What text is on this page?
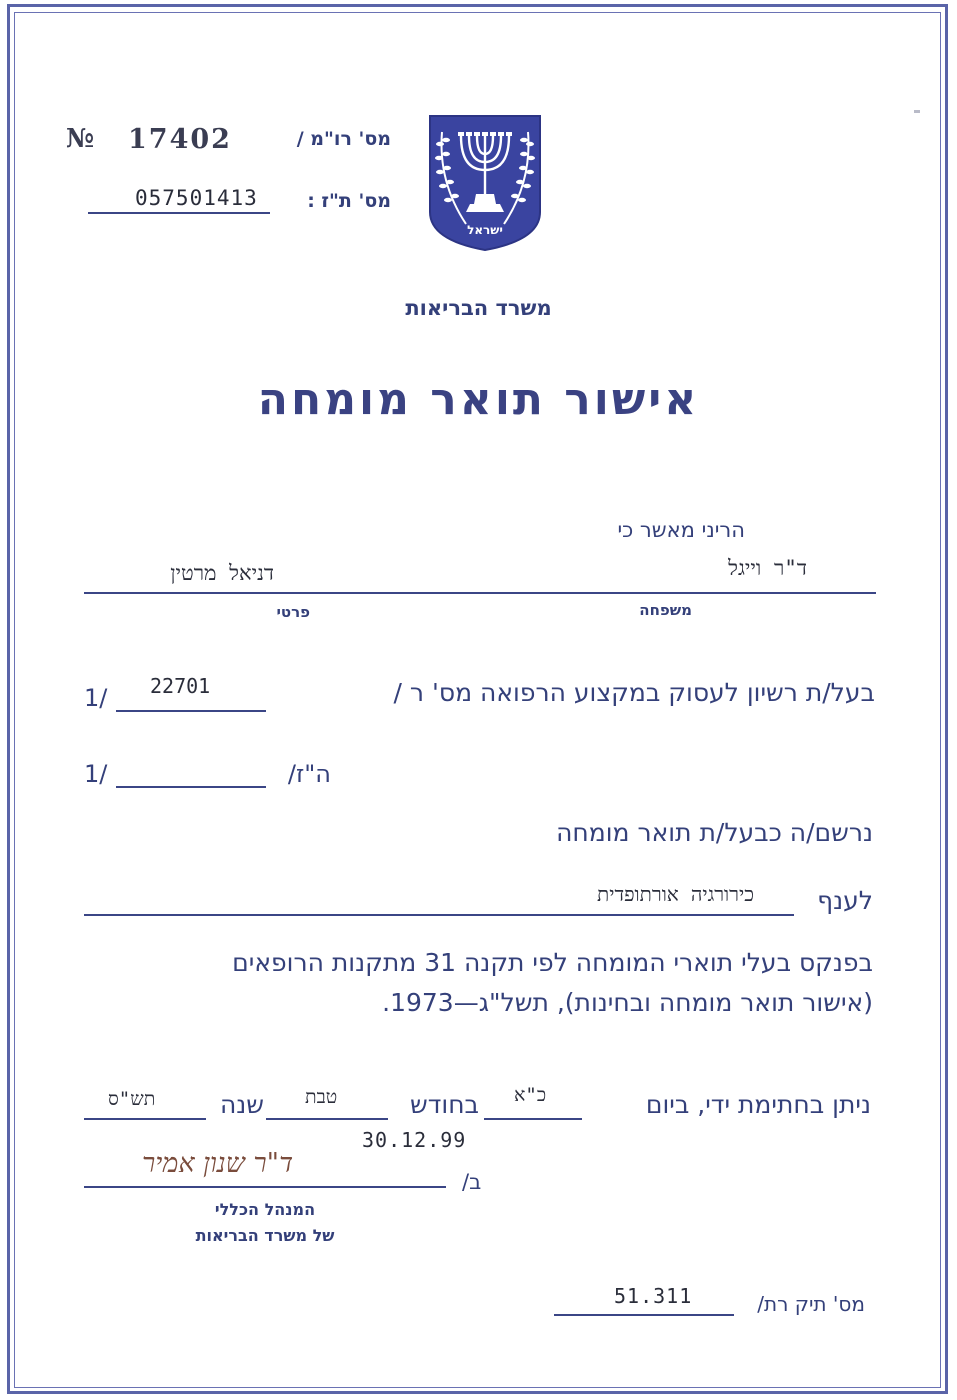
№ 17402	מס' רו"מ /
מס' ת"ז :
057501413
ישראל
משרד הבריאות
אישור תואר מומחה
הריני מאשר כי
ד"ר וייגל
דניאל מרטין
משפחה
פרטי
בעל/ת רשיון לעסוק במקצוע הרפואה מס' ר /
22701
1/
ה"ז/
1/
נרשם/ה כבעל/ת תואר מומחה
לענף
כירורגיה אורתופדית
בפנקס בעלי תוארי המומחה לפי תקנה 31 מתקנות הרופאים
(אישור תואר מומחה ובחינות), תשל"ג—1973.
ניתן בחתימת ידי, ביום
כ"א
בחודש
טבת
שנה
תש"ס
30.12.99
ד"ר שנון אמיר
ב/
המנהל הכללי
של משרד הבריאות
מס' תיק רת/
51.311
